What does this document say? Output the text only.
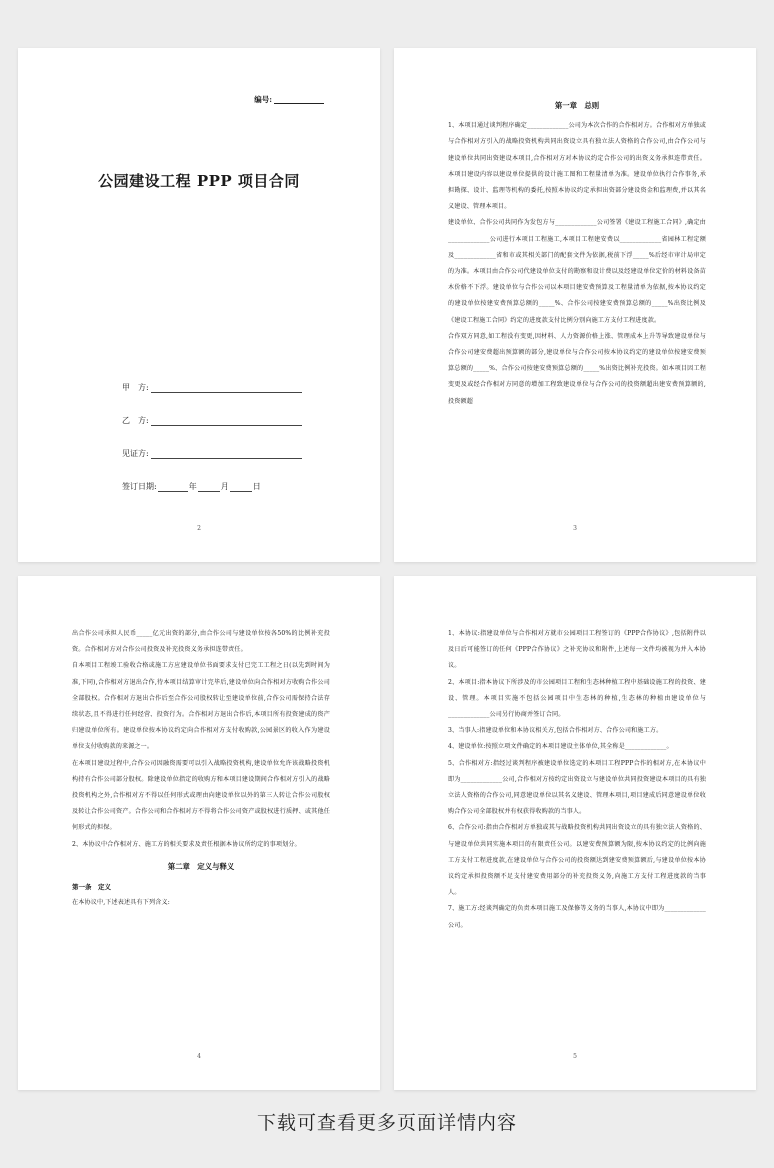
编号:
公园建设工程 PPP 项目合同
甲　方:
乙　方:
见证方:
签订日期:	年	月	日
2
第一章　总则

1、本项目通过谈判程序确定_____________公司为本次合作的合作相对方。合作相对方单独或与合作相对方引入的战略投资机构共同出资设立具有独立法人资格的合作公司,由合作公司与建设单位共同出资建设本项目,合作相对方对本协议约定合作公司的出资义务承担连带责任。本项目建设内容以建设单位提供的设计施工图和工程量清单为准。建设单位执行合作事务,承担勘探、设计、监理等机构的委托,按照本协议约定承担出资部分建设资金和监理费,并以其名义建设、管理本项目。

建设单位、合作公司共同作为发包方与_____________公司签署《建设工程施工合同》,确定由_____________公司进行本项目工程施工,本项目工程建安费以_____________省园林工程定额及_____________省和市或其相关部门的配套文件为依据,税前下浮_____%后经市审计局审定的为准。本项目由合作公司代建设单位支付的勘察和设计费以及经建设单位定价的材料设备苗木价格不下浮。建设单位与合作公司以本项目建安费预算及工程量清单为依据,按本协议约定的建设单位按建安费预算总额的_____%、合作公司按建安费预算总额的_____%出资比例及《建设工程施工合同》约定的进度款支付比例分别向施工方支付工程进度款。

合作双方同意,如工程没有变更,因材料、人力资源价格上涨、管理成本上升等导致建设单位与合作公司建安费超出预算额的部分,建设单位与合作公司按本协议约定的建设单位按建安费预算总额的_____%、合作公司按建安费预算总额的_____%出资比例补充投资。如本项目因工程变更及或经合作相对方同意的增加工程致建设单位与合作公司的投资额超出建安费预算额的,投资额超

3

出合作公司承担人民币_____亿元出资的部分,由合作公司与建设单位按各50%的比例补充投资。合作相对方对合作公司投资及补充投资义务承担连带责任。

自本项目工程竣工验收合格或施工方应建设单位书面要求支付已完工工程之日(以先到时间为准,下同),合作相对方退出合作,待本项目结算审计完毕后,建设单位向合作相对方收购合作公司全部股权。合作相对方退出合作后至合作公司股权转让至建设单位前,合作公司需保持合法存续状态,且不得进行任何经营、投资行为。合作相对方退出合作后,本项目所有投资建成的资产归建设单位所有。建设单位按本协议约定向合作相对方支付收购款,公园景区的收入作为建设单位支付收购款的来源之一。

在本项目建设过程中,合作公司因融资需要可以引入战略投资机构,建设单位允许该战略投资机构持有合作公司部分股权。除建设单位指定的收购方和本项目建设期间合作相对方引入的战略投资机构之外,合作相对方不得以任何形式或理由向建设单位以外的第三人转让合作公司股权及转让合作公司资产。合作公司和合作相对方不得将合作公司资产或股权进行质押、或其他任何形式的担保。

2、本协议中合作相对方、施工方的相关要求及责任根据本协议所约定的事项划分。

第二章　定义与释义
第一条　定义

在本协议中,下述表述具有下列含义:

4

1、本协议:指建设单位与合作相对方就市公园项目工程签订的《PPP合作协议》,包括附件以及日后可能签订的任何《PPP合作协议》之补充协议和附件,上述每一文件均被视为并入本协议。

2、本项目:指本协议下所涉及的市公园项目工程和生态林种植工程中基础设施工程的投资、建设、管理。本项目实施不包括公园项目中生态林的种植,生态林的种植由建设单位与_____________公司另行协商并签订合同。

3、当事人:指建设单位和本协议相关方,包括合作相对方、合作公司和施工方。

4、建设单位:按照立项文件确定的本项目建设主体单位,其全称是_____________。

5、合作相对方:指经过谈判程序被建设单位选定的本项目工程PPP合作的相对方,在本协议中即为_____________公司,合作相对方按约定出资设立与建设单位共同投资建设本项目的具有独立法人资格的合作公司,同意建设单位以其名义建设、管理本项目,项目建成后同意建设单位收购合作公司全部股权并有权获得收购款的当事人。

6、合作公司:指由合作相对方单独或其与战略投资机构共同出资设立的具有独立法人资格的、与建设单位共同实施本项目的有限责任公司。以建安费预算额为限,按本协议约定的比例向施工方支付工程进度款,在建设单位与合作公司的投资额达到建安费预算额后,与建设单位按本协议约定承担投资额不足支付建安费用部分的补充投资义务,向施工方支付工程进度款的当事人。

7、施工方:经谈判确定的负责本项目施工及保修等义务的当事人,本协议中即为_____________公司。

5
下载可查看更多页面详情内容
